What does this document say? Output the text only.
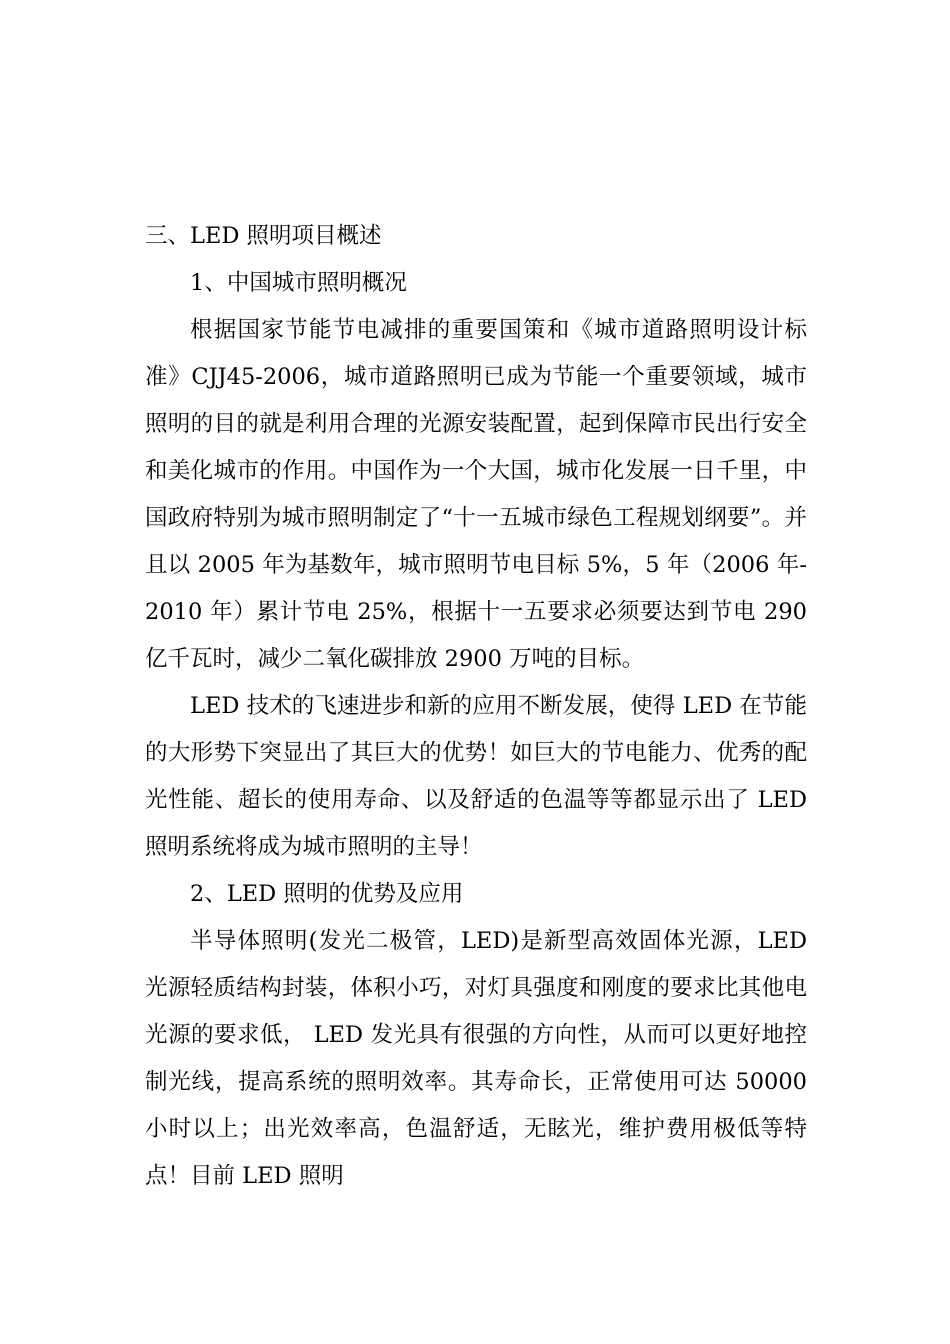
三、LED 照明项目概述

1、中国城市照明概况

根据国家节能节电减排的重要国策和《城市道路照明设计标准》CJJ45-2006，城市道路照明已成为节能一个重要领域，城市照明的目的就是利用合理的光源安装配置，起到保障市民出行安全和美化城市的作用。中国作为一个大国，城市化发展一日千里，中国政府特别为城市照明制定了“十一五城市绿色工程规划纲要”。并且以 2005 年为基数年，城市照明节电目标 5%，5 年（2006 年-2010 年）累计节电 25%，根据十一五要求必须要达到节电 290 亿千瓦时，减少二氧化碳排放 2900 万吨的目标。

LED 技术的飞速进步和新的应用不断发展，使得 LED 在节能的大形势下突显出了其巨大的优势！如巨大的节电能力、优秀的配光性能、超长的使用寿命、以及舒适的色温等等都显示出了 LED 照明系统将成为城市照明的主导！

2、LED 照明的优势及应用

半导体照明(发光二极管，LED)是新型高效固体光源，LED 光源轻质结构封装，体积小巧，对灯具强度和刚度的要求比其他电光源的要求低， LED 发光具有很强的方向性，从而可以更好地控制光线，提高系统的照明效率。其寿命长，正常使用可达 50000 小时以上；出光效率高，色温舒适，无眩光，维护费用极低等特点！目前 LED 照明
